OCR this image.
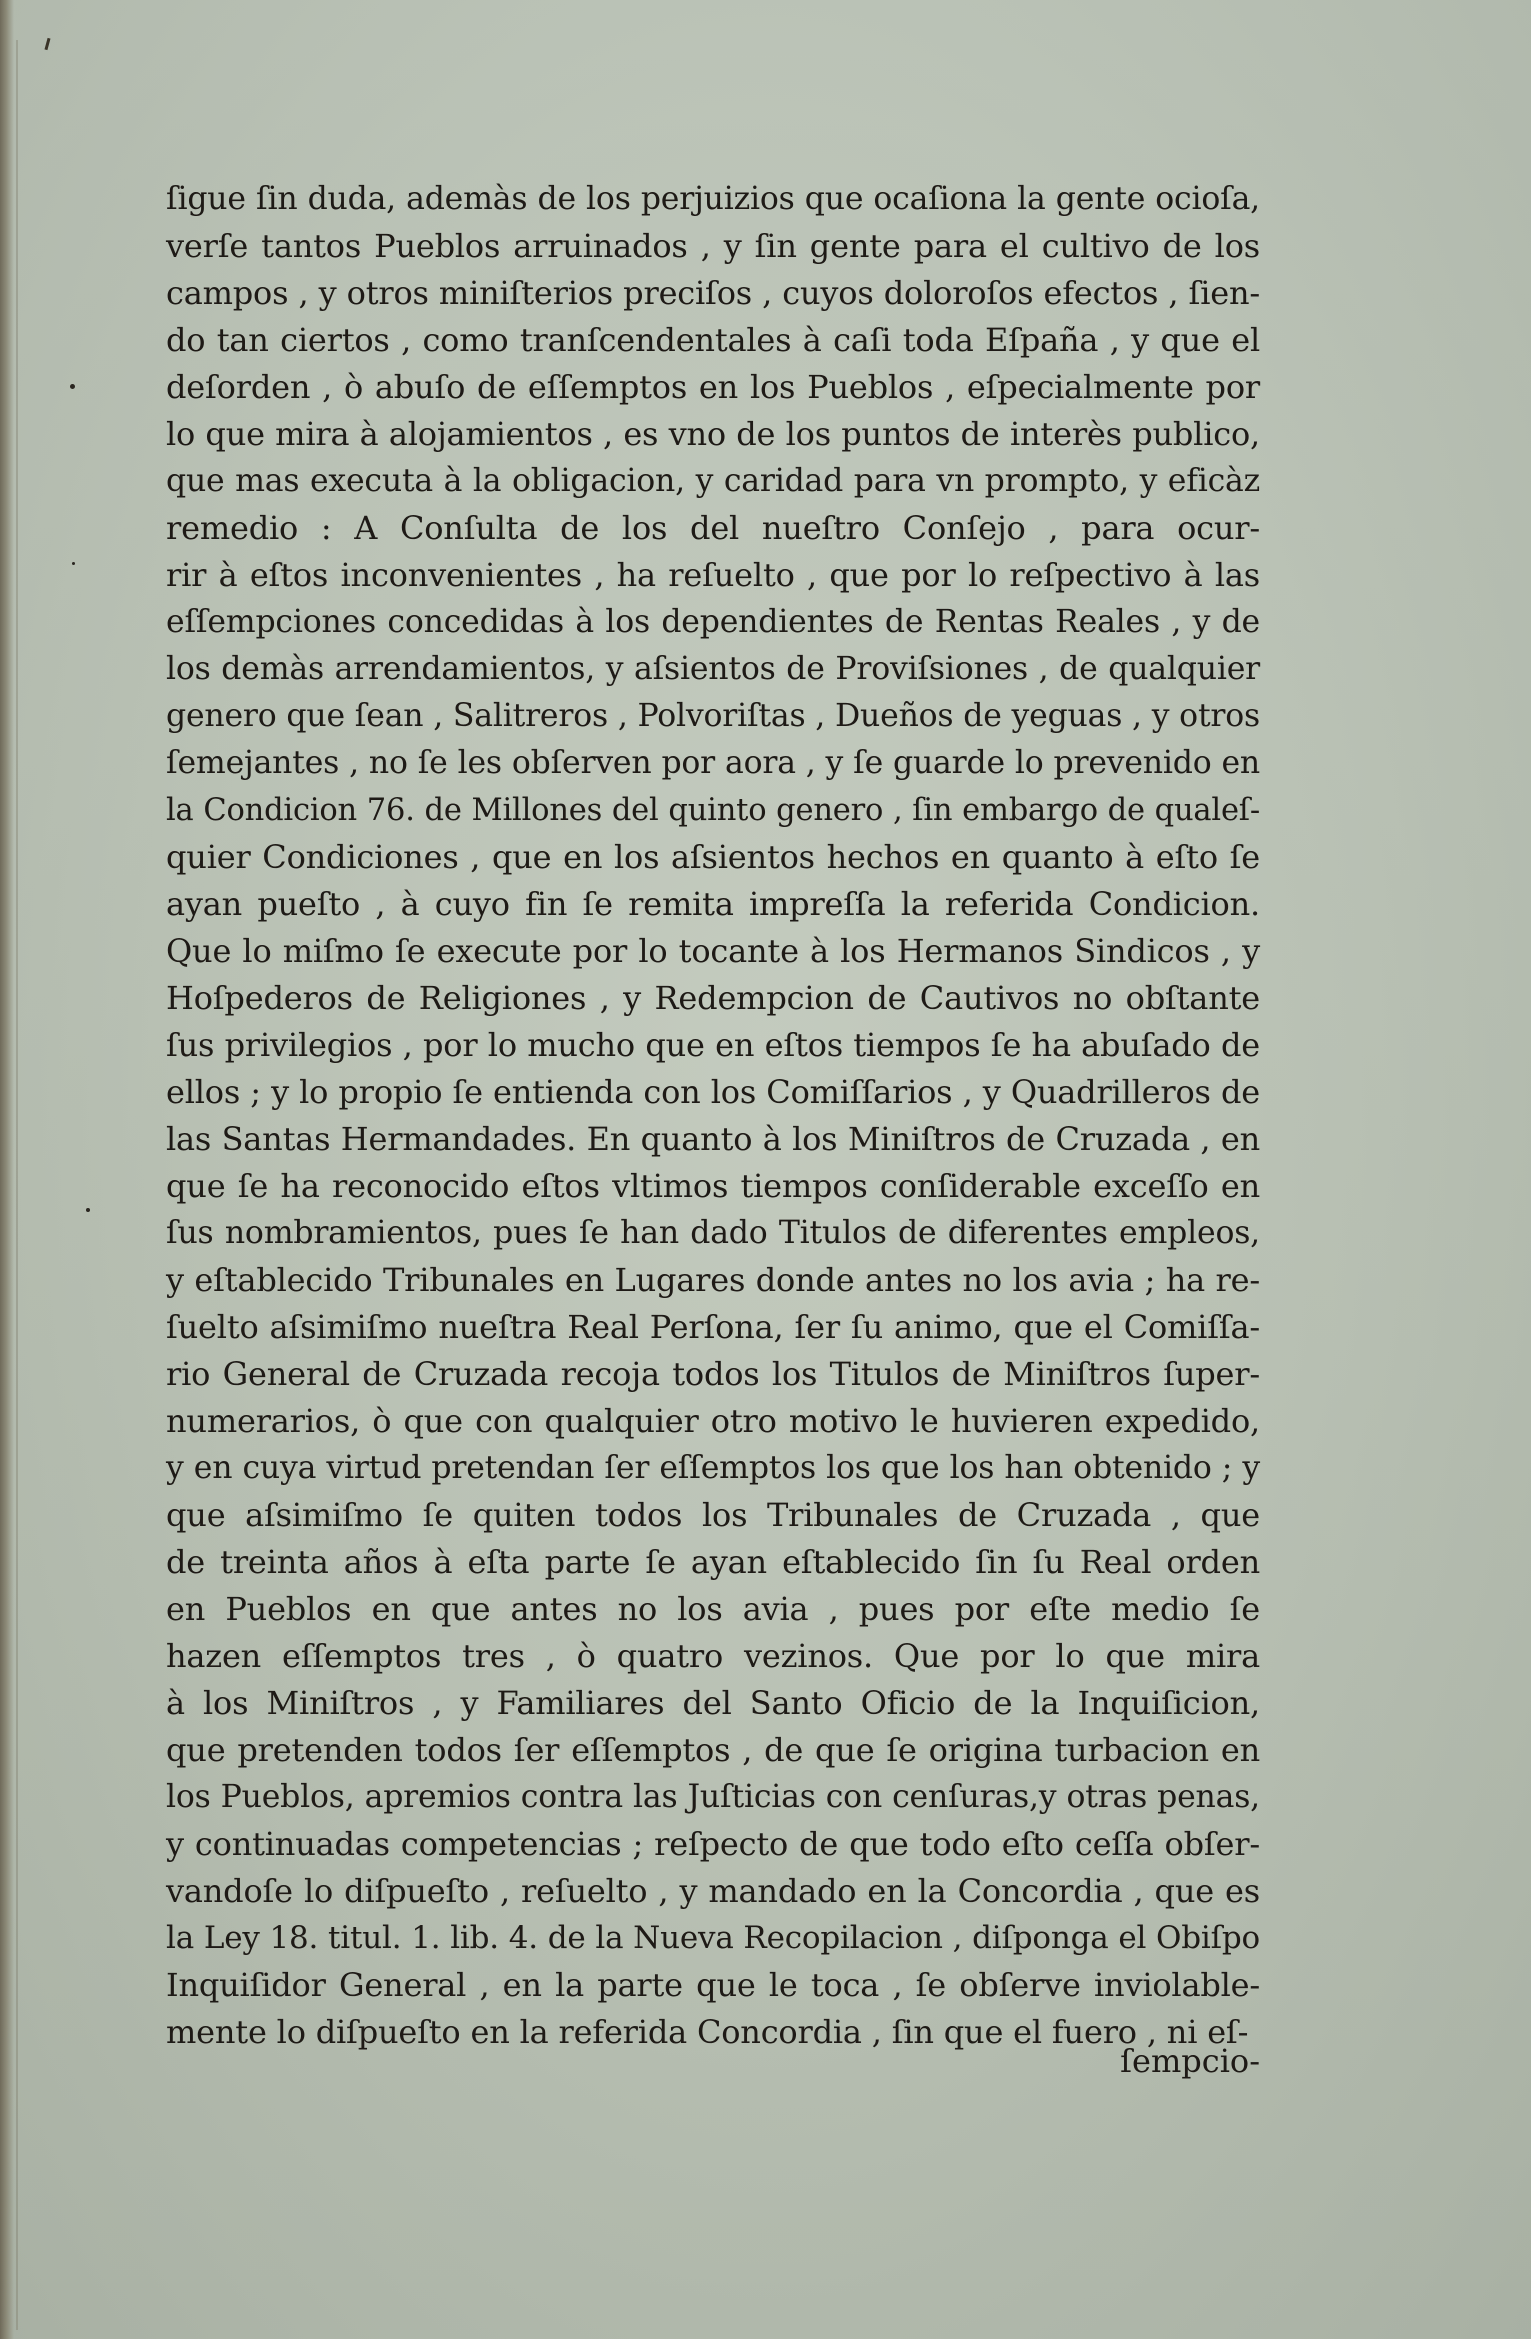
ſigue ſin duda, ademàs de los perjuizios que ocaſiona la gente ocioſa,
verſe tantos Pueblos arruinados , y ſin gente para el cultivo de los
campos , y otros miniſterios preciſos , cuyos doloroſos efectos , ſien-
do tan ciertos , como tranſcendentales à caſi toda Eſpaña , y que el
deſorden , ò abuſo de eſſemptos en los Pueblos , eſpecialmente por
lo que mira à alojamientos , es vno de los puntos de interès publico,
que mas executa à la obligacion, y caridad para vn prompto, y eficàz
remedio : A Conſulta de los del nueſtro Conſejo , para ocur-
rir à eſtos inconvenientes , ha reſuelto , que por lo reſpectivo à las
eſſempciones concedidas à los dependientes de Rentas Reales , y de
los demàs arrendamientos, y aſsientos de Proviſsiones , de qualquier
genero que ſean , Salitreros , Polvoriſtas , Dueños de yeguas , y otros
ſemejantes , no ſe les obſerven por aora , y ſe guarde lo prevenido en
la Condicion 76. de Millones del quinto genero , ſin embargo de qualeſ-
quier Condiciones , que en los aſsientos hechos en quanto à eſto ſe
ayan pueſto , à cuyo fin ſe remita impreſſa la referida Condicion.
Que lo miſmo ſe execute por lo tocante à los Hermanos Sindicos , y
Hoſpederos de Religiones , y Redempcion de Cautivos no obſtante
ſus privilegios , por lo mucho que en eſtos tiempos ſe ha abuſado de
ellos ; y lo propio ſe entienda con los Comiſſarios , y Quadrilleros de
las Santas Hermandades. En quanto à los Miniſtros de Cruzada , en
que ſe ha reconocido eſtos vltimos tiempos conſiderable exceſſo en
ſus nombramientos, pues ſe han dado Titulos de diferentes empleos,
y eſtablecido Tribunales en Lugares donde antes no los avia ; ha re-
ſuelto aſsimiſmo nueſtra Real Perſona, ſer ſu animo, que el Comiſſa-
rio General de Cruzada recoja todos los Titulos de Miniſtros ſuper-
numerarios, ò que con qualquier otro motivo le huvieren expedido,
y en cuya virtud pretendan ſer eſſemptos los que los han obtenido ; y
que aſsimiſmo ſe quiten todos los Tribunales de Cruzada , que
de treinta años à eſta parte ſe ayan eſtablecido ſin ſu Real orden
en Pueblos en que antes no los avia , pues por eſte medio ſe
hazen eſſemptos tres , ò quatro vezinos. Que por lo que mira
à los Miniſtros , y Familiares del Santo Oficio de la Inquiſicion,
que pretenden todos ſer eſſemptos , de que ſe origina turbacion en
los Pueblos, apremios contra las Juſticias con cenſuras,y otras penas,
y continuadas competencias ; reſpecto de que todo eſto ceſſa obſer-
vandoſe lo diſpueſto , reſuelto , y mandado en la Concordia , que es
la Ley 18. titul. 1. lib. 4. de la Nueva Recopilacion , diſponga el Obiſpo
Inquiſidor General , en la parte que le toca , ſe obſerve inviolable-
mente lo diſpueſto en la referida Concordia , ſin que el fuero , ni eſ-
ſempcio-
